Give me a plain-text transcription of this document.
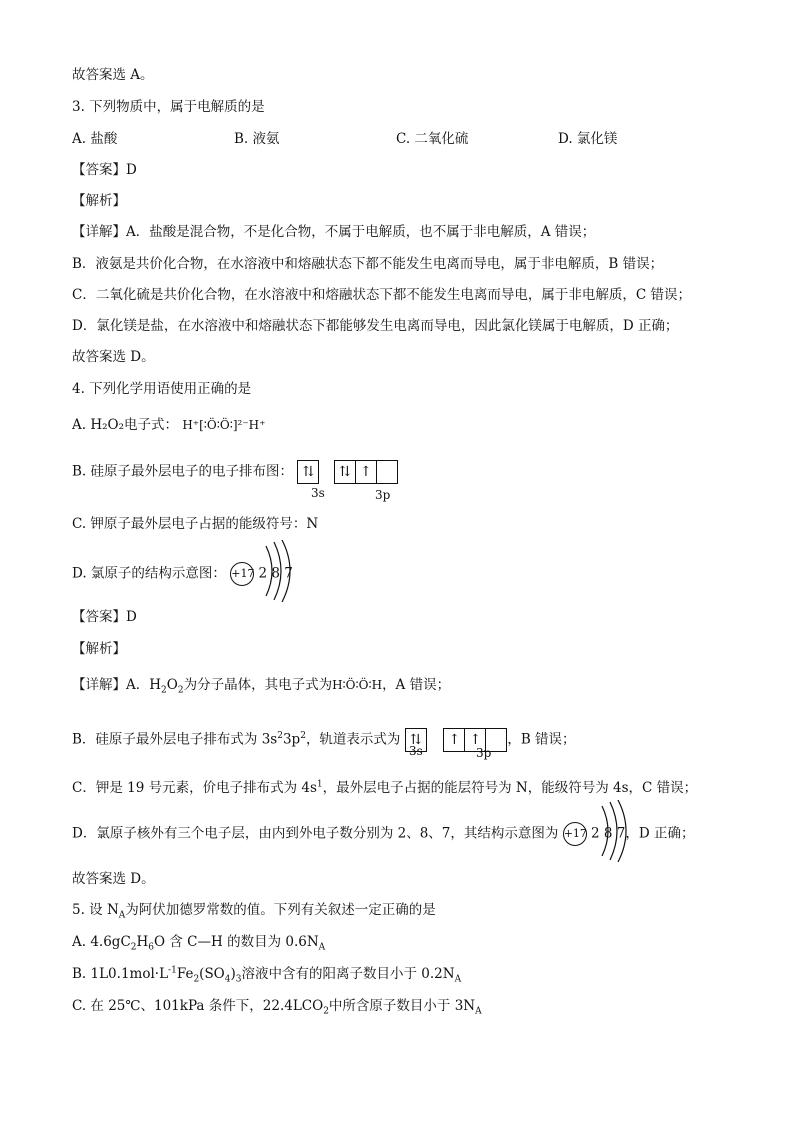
故答案选 A。
3. 下列物质中，属于电解质的是
A. 盐酸	B. 液氨	C. 二氧化硫	D. 氯化镁
【答案】D
【解析】
【详解】A．盐酸是混合物，不是化合物，不属于电解质，也不属于非电解质，A 错误；
B．液氨是共价化合物，在水溶液中和熔融状态下都不能发生电离而导电，属于非电解质，B 错误；
C．二氧化硫是共价化合物，在水溶液中和熔融状态下都不能发生电离而导电，属于非电解质，C 错误；
D．氯化镁是盐，在水溶液中和熔融状态下都能够发生电离而导电，因此氯化镁属于电解质，D 正确；
故答案选 D。
4. 下列化学用语使用正确的是
A. H₂O₂电子式： H⁺[∶Ö∶Ö∶]²⁻H⁺
B. 硅原子最外层电子的电子排布图： ⇅ ⇅ ↑
3s	3p
C. 钾原子最外层电子占据的能级符号：N
D. 氯原子的结构示意图： +17 2 8 7
【答案】D
【解析】
【详解】A．$H_2O_2$为分子晶体，其电子式为H∶Ö∶Ö∶H，A 错误；
B．硅原子最外层电子排布式为 $3s^23p^2$，轨道表示式为 ⇅ ↑ ↑ ，B 错误；
3s	3p
C．钾是 19 号元素，价电子排布式为 $4s^1$，最外层电子占据的能层符号为 N，能级符号为 4s，C 错误；
D．氯原子核外有三个电子层，由内到外电子数分别为 2、8、7，其结构示意图为 +17 2 8 7，D 正确；
故答案选 D。
5. 设 $N_A$为阿伏加德罗常数的值。下列有关叙述一定正确的是
A. $4.6gC_2H_6O$ 含 C—H 的数目为 $0.6N_A$
B. $1L0.1mol\cdot L^{-1}Fe_2(SO_4)_3$溶液中含有的阳离子数目小于 $0.2N_A$
C. 在 25℃、101kPa 条件下，$22.4LCO_2$中所含原子数目小于 $3N_A$
